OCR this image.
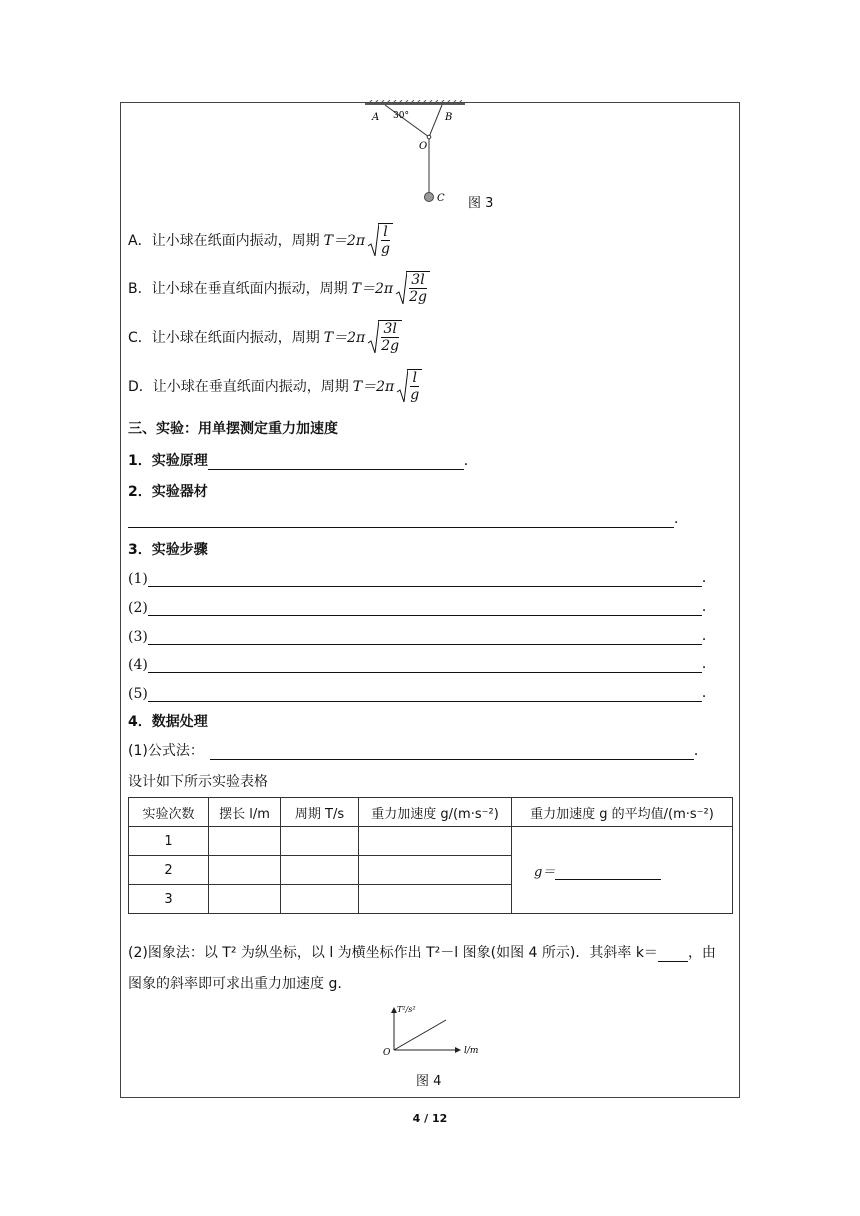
A 30°	B
O
C 图 3
A．让小球在纸面内振动，周期 $T=2\pi \frac{l}{g}$
B．让小球在垂直纸面内振动，周期 $T=2\pi \frac{3l}{2g}$
C．让小球在纸面内振动，周期 $T=2\pi \frac{3l}{2g}$
D．让小球在垂直纸面内振动，周期 $T=2\pi \frac{l}{g}$
三、实验：用单摆测定重力加速度
1．实验原理	．
2．实验器材
．
3．实验步骤
(1)	．
(2)	．
(3)	．
(4)	．
(5)	．
4．数据处理
(1)公式法：	．
设计如下所示实验表格
实验次数	摆长 l/m	周期 T/s	重力加速度 g/(m·s⁻²)	重力加速度 g 的平均值/(m·s⁻²)
1				g＝
2				
3				
(2)图象法：以 T² 为纵坐标，以 l 为横坐标作出 T²－l 图象(如图 4 所示)．其斜率 k＝ ，由
图象的斜率即可求出重力加速度 g.
T²/s²
l/m
O
图 4
4 / 12
